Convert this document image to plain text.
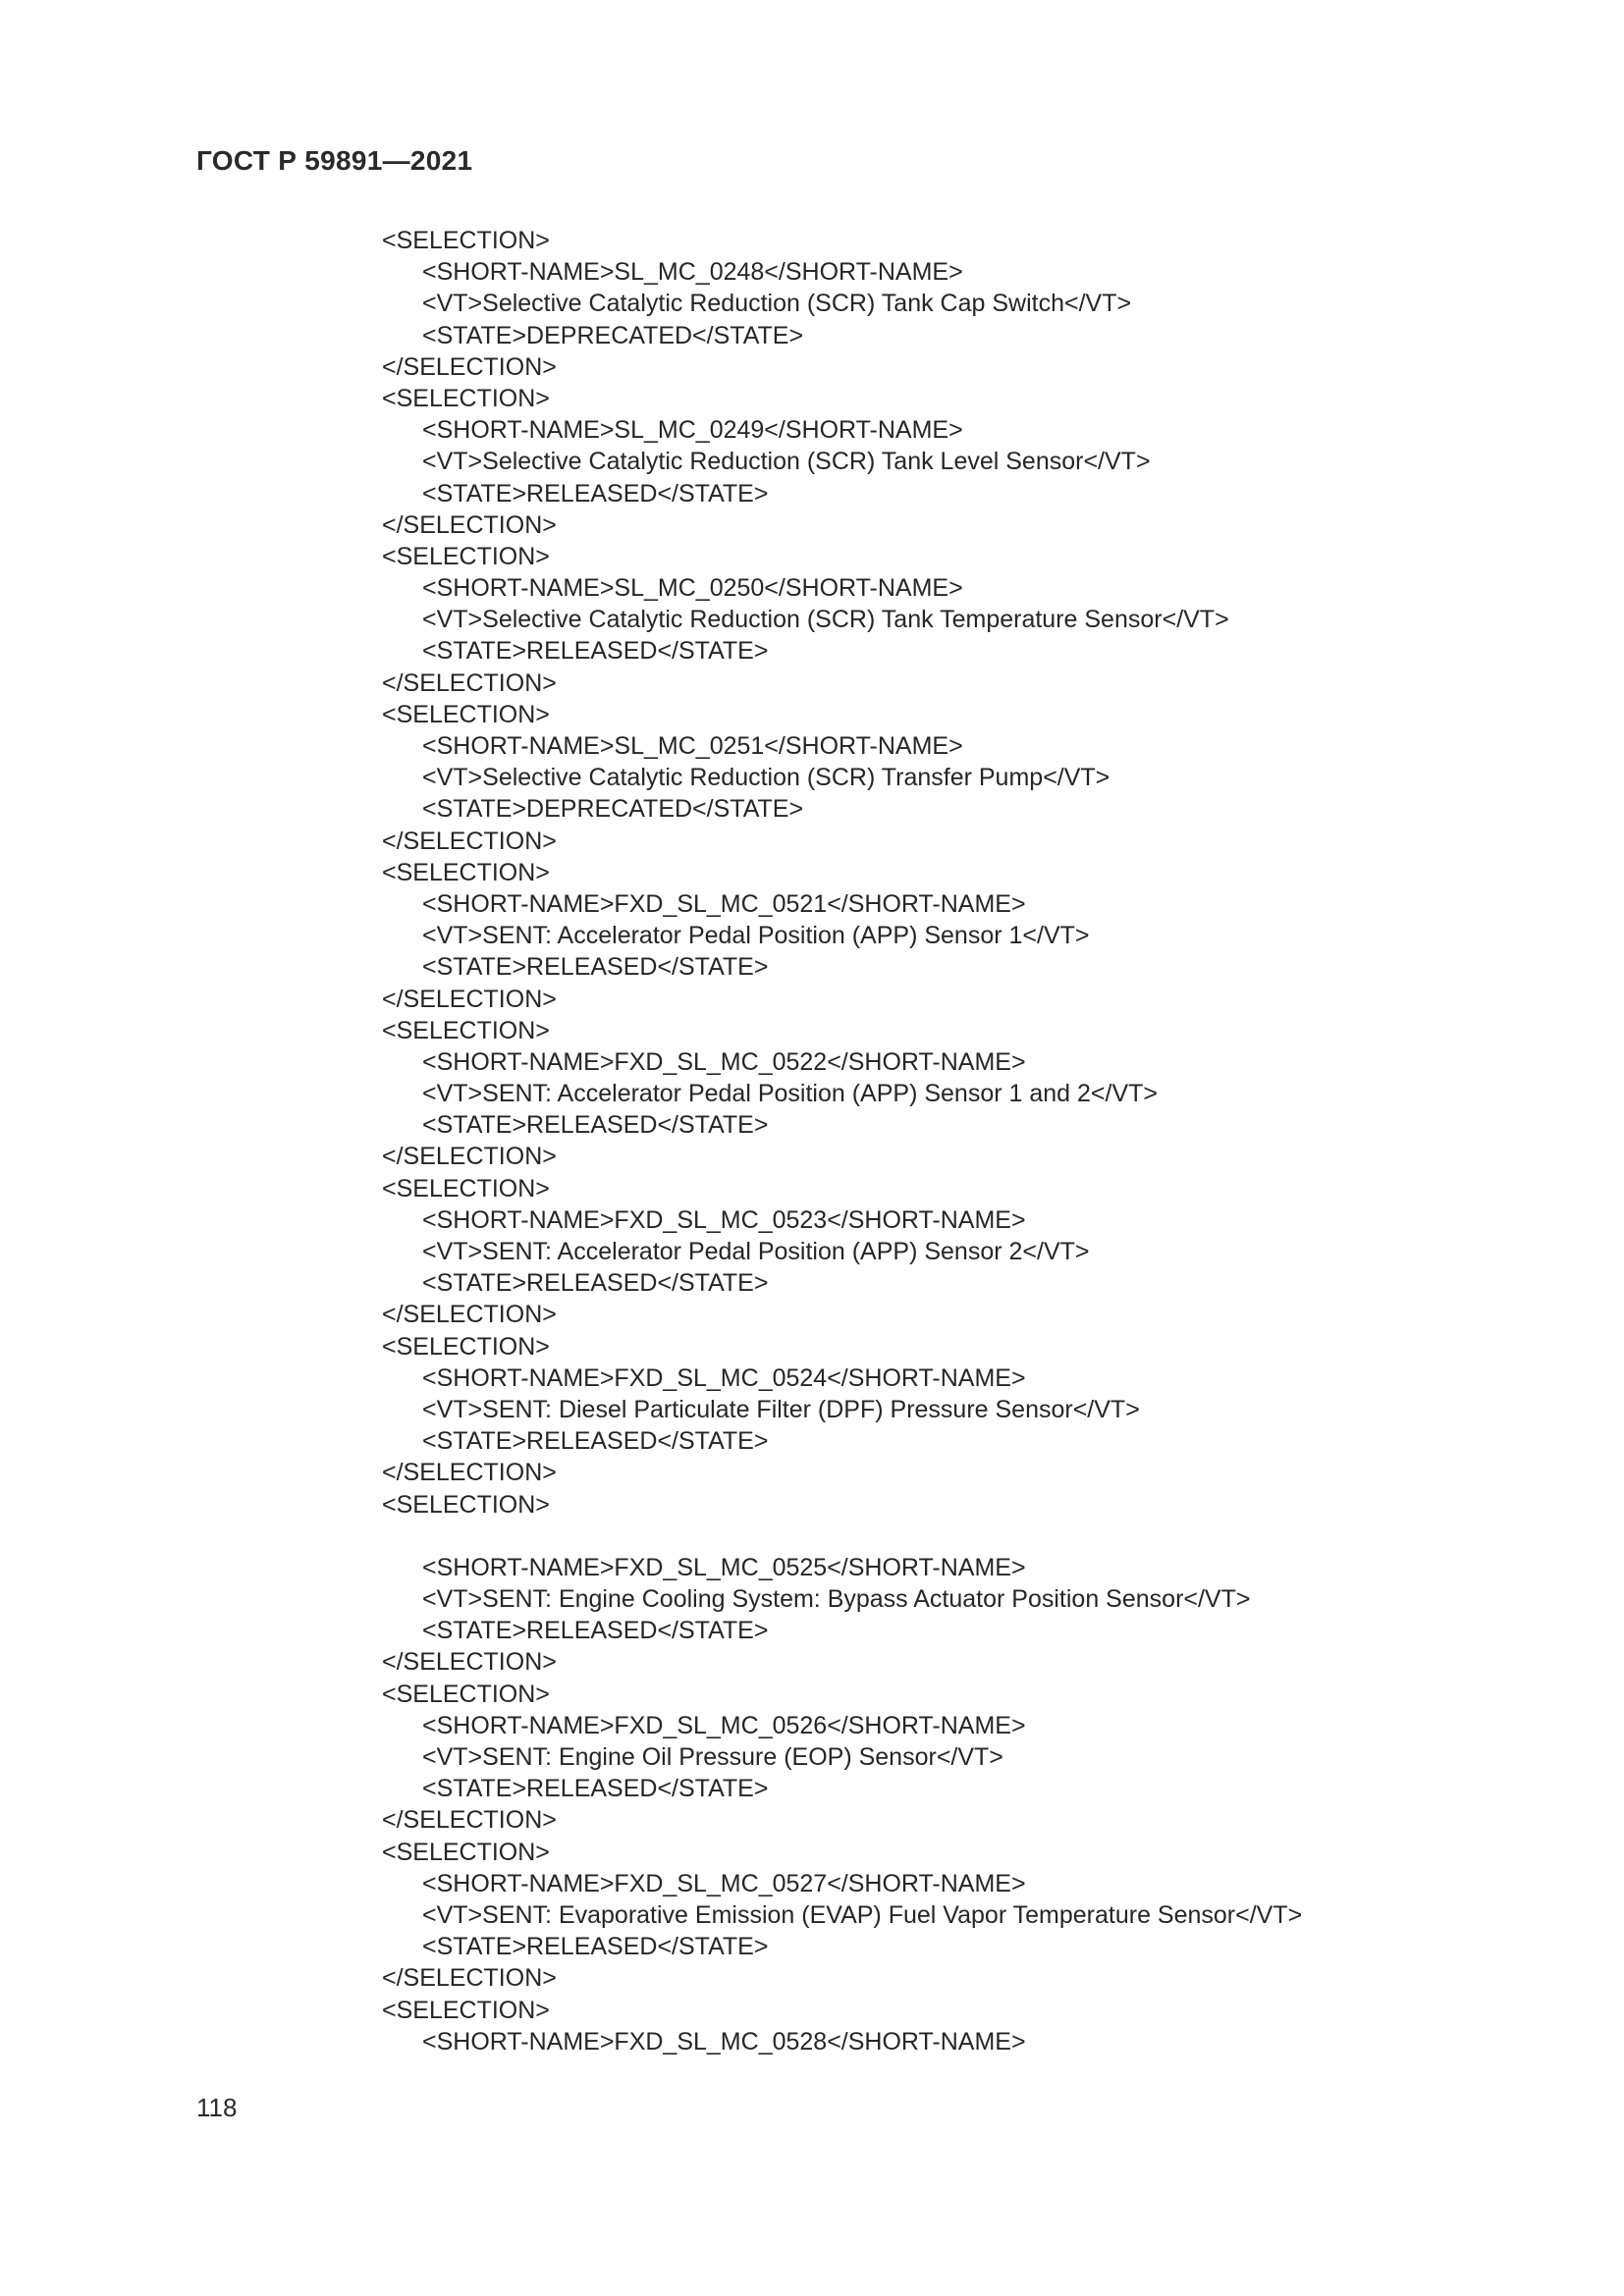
ГОСТ Р 59891—2021
<SELECTION>
<SHORT-NAME>SL_MC_0248</SHORT-NAME>
<VT>Selective Catalytic Reduction (SCR) Tank Cap Switch</VT>
<STATE>DEPRECATED</STATE>
</SELECTION>
<SELECTION>
<SHORT-NAME>SL_MC_0249</SHORT-NAME>
<VT>Selective Catalytic Reduction (SCR) Tank Level Sensor</VT>
<STATE>RELEASED</STATE>
</SELECTION>
<SELECTION>
<SHORT-NAME>SL_MC_0250</SHORT-NAME>
<VT>Selective Catalytic Reduction (SCR) Tank Temperature Sensor</VT>
<STATE>RELEASED</STATE>
</SELECTION>
<SELECTION>
<SHORT-NAME>SL_MC_0251</SHORT-NAME>
<VT>Selective Catalytic Reduction (SCR) Transfer Pump</VT>
<STATE>DEPRECATED</STATE>
</SELECTION>
<SELECTION>
<SHORT-NAME>FXD_SL_MC_0521</SHORT-NAME>
<VT>SENT: Accelerator Pedal Position (APP) Sensor 1</VT>
<STATE>RELEASED</STATE>
</SELECTION>
<SELECTION>
<SHORT-NAME>FXD_SL_MC_0522</SHORT-NAME>
<VT>SENT: Accelerator Pedal Position (APP) Sensor 1 and 2</VT>
<STATE>RELEASED</STATE>
</SELECTION>
<SELECTION>
<SHORT-NAME>FXD_SL_MC_0523</SHORT-NAME>
<VT>SENT: Accelerator Pedal Position (APP) Sensor 2</VT>
<STATE>RELEASED</STATE>
</SELECTION>
<SELECTION>
<SHORT-NAME>FXD_SL_MC_0524</SHORT-NAME>
<VT>SENT: Diesel Particulate Filter (DPF) Pressure Sensor</VT>
<STATE>RELEASED</STATE>
</SELECTION>
<SELECTION>
<SHORT-NAME>FXD_SL_MC_0525</SHORT-NAME>
<VT>SENT: Engine Cooling System: Bypass Actuator Position Sensor</VT>
<STATE>RELEASED</STATE>
</SELECTION>
<SELECTION>
<SHORT-NAME>FXD_SL_MC_0526</SHORT-NAME>
<VT>SENT: Engine Oil Pressure (EOP) Sensor</VT>
<STATE>RELEASED</STATE>
</SELECTION>
<SELECTION>
<SHORT-NAME>FXD_SL_MC_0527</SHORT-NAME>
<VT>SENT: Evaporative Emission (EVAP) Fuel Vapor Temperature Sensor</VT>
<STATE>RELEASED</STATE>
</SELECTION>
<SELECTION>
<SHORT-NAME>FXD_SL_MC_0528</SHORT-NAME>
118
